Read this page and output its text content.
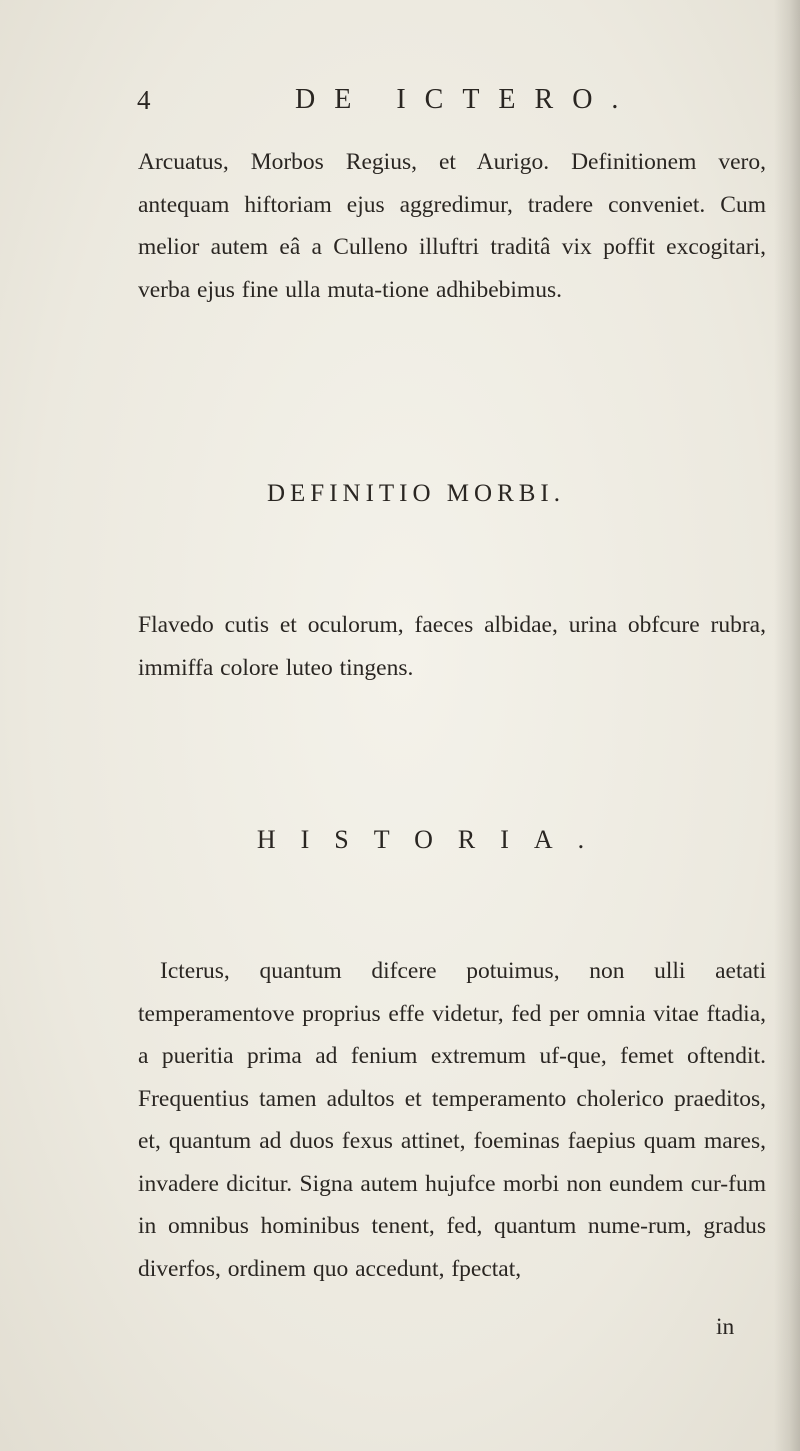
4	DE ICTERO.

Arcuatus, Morbos Regius, et Aurigo. Definitionem vero, antequam hiftoriam ejus aggredimur, tradere conveniet. Cum melior autem eâ a Culleno illuftri traditâ vix poffit excogitari, verba ejus fine ulla muta-tione adhibebimus.

DEFINITIO MORBI.

Flavedo cutis et oculorum, faeces albidae, urina obfcure rubra, immiffa colore luteo tingens.

HISTORIA.

Icterus, quantum difcere potuimus, non ulli aetati temperamentove proprius effe videtur, fed per omnia vitae ftadia, a pueritia prima ad fenium extremum uf-que, femet oftendit. Frequentius tamen adultos et temperamento cholerico praeditos, et, quantum ad duos fexus attinet, foeminas faepius quam mares, invadere dicitur. Signa autem hujufce morbi non eundem cur-fum in omnibus hominibus tenent, fed, quantum nume-rum, gradus diverfos, ordinem quo accedunt, fpectat,

in
